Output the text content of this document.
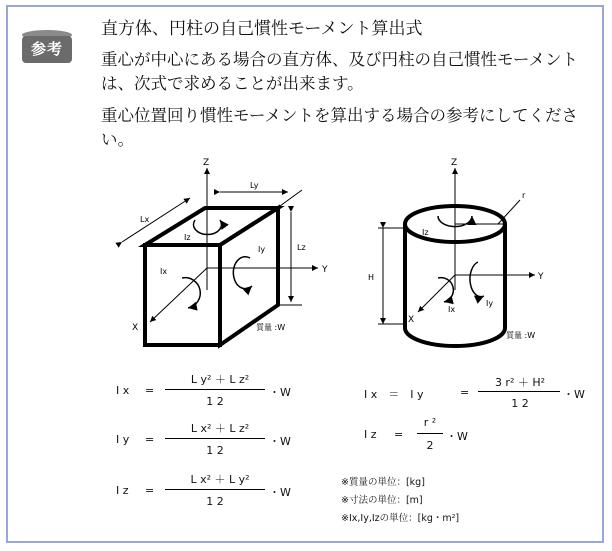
参考
直方体、円柱の自己慣性モーメント算出式
重心が中心にある場合の直方体、及び円柱の自己慣性モーメントは、次式で求めることが出来ます。
重心位置回り慣性モーメントを算出する場合の参考にしてください。
Z
Y
X
Lx
Ly
Lz
Iz
Iy
Ix
質量 :W
Z
Y
X
r
H
Iz
Iy
Ix
質量 :W
I x =
L y² ＋ L z²
1 2
・W
I y =
L x² ＋ L z²
1 2
・W
I z =
L x² ＋ L y²
1 2
・W
I x　＝　I y	=
3 r² ＋ H²
1 2
・W
I z =
r ²
2
・W
※質量の単位：[kg]
※寸法の単位：[m]
※Ix,Iy,Izの単位：[kg・m²]
